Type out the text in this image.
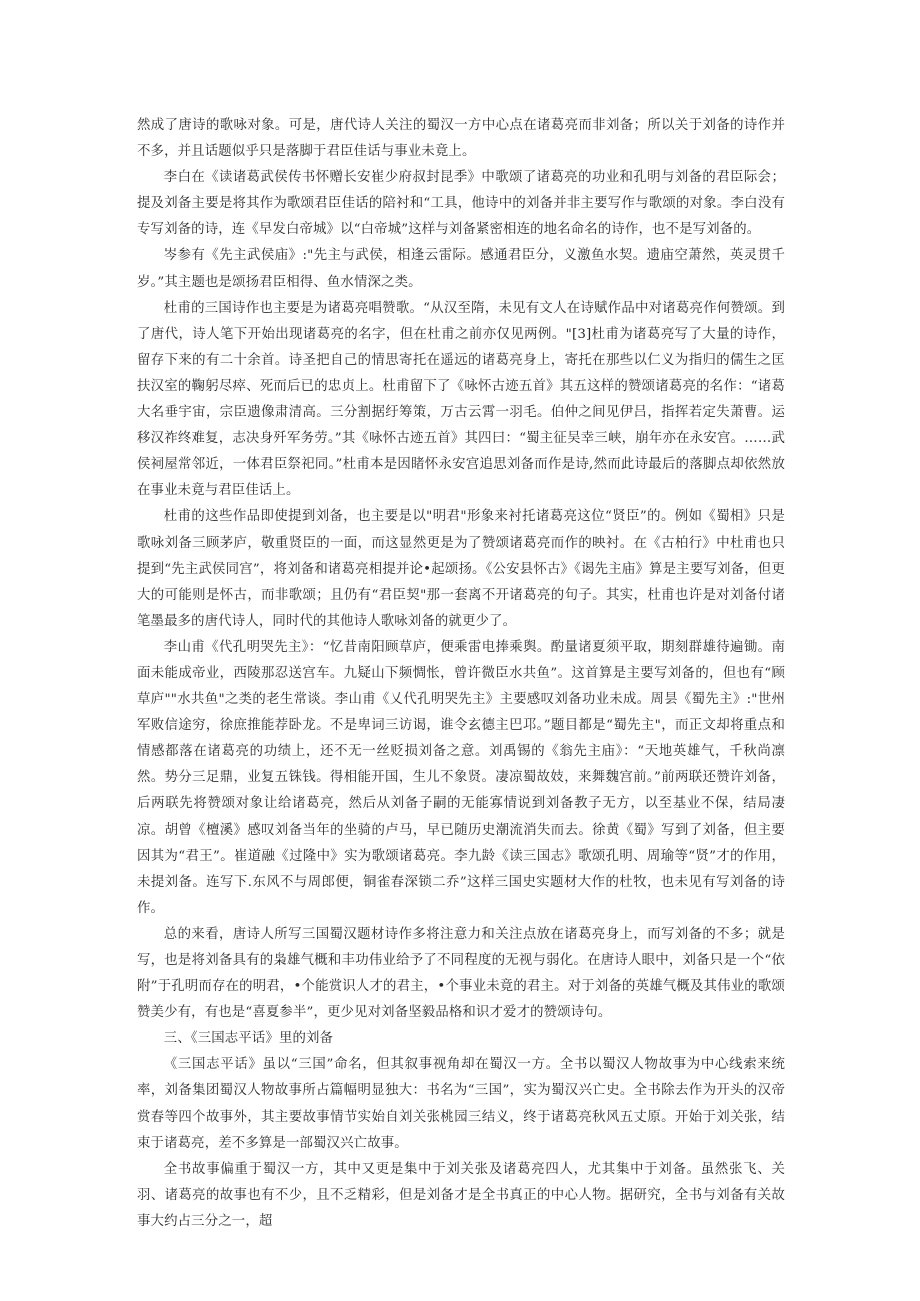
然成了唐诗的歌咏对象。可是，唐代诗人关注的蜀汉一方中心点在诸葛亮而非刘备；所以关于刘备的诗作并不多，并且话题似乎只是落脚于君臣佳话与事业未竟上。

李白在《读诸葛武侯传书怀赠长安崔少府叔封昆季》中歌颂了诸葛亮的功业和孔明与刘备的君臣际会；提及刘备主要是将其作为歌颂君臣佳话的陪衬和“工具，他诗中的刘备并非主要写作与歌颂的对象。李白没有专写刘备的诗，连《早发白帝城》以“白帝城”这样与刘备紧密相连的地名命名的诗作，也不是写刘备的。

岑参有《先主武侯庙》:"先主与武侯，相逢云雷际。感通君臣分，义激鱼水契。遗庙空萧然，英灵贯千岁。”其主题也是颂扬君臣相得、鱼水情深之类。

杜甫的三国诗作也主要是为诸葛亮唱赞歌。“从汉至隋，未见有文人在诗赋作品中对诸葛亮作何赞颂。到了唐代，诗人笔下开始出现诸葛亮的名字，但在杜甫之前亦仅见两例。"[3]杜甫为诸葛亮写了大量的诗作，留存下来的有二十余首。诗圣把自己的情思寄托在遥远的诸葛亮身上，寄托在那些以仁义为指归的儒生之匡扶汉室的鞠躬尽瘁、死而后已的忠贞上。杜甫留下了《咏怀古迹五首》其五这样的赞颂诸葛亮的名作：“诸葛大名垂宇宙，宗臣遗像肃清高。三分割据纡筹策，万古云霄一羽毛。伯仲之间见伊吕，指挥若定失萧曹。运移汉祚终难复，志决身歼军务劳。”其《咏怀古迹五首》其四曰：“蜀主征吴幸三峡，崩年亦在永安宫。……武侯祠屋常邻近，一体君臣祭祀同。”杜甫本是因睹怀永安宫追思刘备而作是诗,然而此诗最后的落脚点却依然放在事业未竟与君臣佳话上。

杜甫的这些作品即使提到刘备，也主要是以"明君"形象来衬托诸葛亮这位“贤臣”的。例如《蜀相》只是歌咏刘备三顾茅庐，敬重贤臣的一面，而这显然更是为了赞颂诸葛亮而作的映衬。在《古柏行》中杜甫也只提到“先主武侯同宫”，将刘备和诸葛亮相提并论•起颂扬。《公安县怀古》《谒先主庙》算是主要写刘备，但更大的可能则是怀古，而非歌颂；且仍有“君臣契"那一套离不开诸葛亮的句子。其实，杜甫也许是对刘备付诸笔墨最多的唐代诗人，同时代的其他诗人歌咏刘备的就更少了。

李山甫《代孔明哭先主》：“忆昔南阳顾草庐，便乘雷电捧乘舆。酌量诸夏须平取，期刻群雄待遍锄。南面未能成帝业，西陵那忍送宫车。九疑山下频惆怅，曾许微臣水共鱼”。这首算是主要写刘备的，但也有“顾草庐""水共鱼"之类的老生常谈。李山甫《乂代孔明哭先主》主要感叹刘备功业未成。周昙《蜀先主》:"世州军败信途穷，徐庶推能荐卧龙。不是卑词三访谒，谁令玄德主巴邛。”题目都是“蜀先主"，而正文却将重点和情感都落在诸葛亮的功绩上，还不无一丝贬损刘备之意。刘禹锡的《翁先主庙》：“天地英雄气，千秋尚凛然。势分三足鼎，业复五铢钱。得相能开国，生儿不象贤。凄凉蜀故妓，来舞魏宫前。”前两联还赞许刘备，后两联先将赞颂对象让给诸葛亮，然后从刘备子嗣的无能寡情说到刘备教子无方，以至基业不保，结局凄凉。胡曾《檀溪》感叹刘备当年的坐骑的卢马，早已随历史潮流消失而去。徐黄《蜀》写到了刘备，但主要因其为“君王”。崔道融《过隆中》实为歌颂诸葛亮。李九龄《读三国志》歌颂孔明、周瑜等“贤”才的作用，未提刘备。连写下.东风不与周郎便，铜雀春深锁二乔”这样三国史实题材大作的杜牧，也未见有写刘备的诗作。

总的来看，唐诗人所写三国蜀汉题材诗作多将注意力和关注点放在诸葛亮身上，而写刘备的不多；就是写，也是将刘备具有的枭雄气概和丰功伟业给予了不同程度的无视与弱化。在唐诗人眼中，刘备只是一个“依附”于孔明而存在的明君，•个能赏识人才的君主，•个事业未竟的君主。对于刘备的英雄气概及其伟业的歌颂赞美少有，有也是“喜夏参半”，更少见对刘备坚毅品格和识才爱才的赞颂诗句。

三、《三国志平话》里的刘备

《三国志平话》虽以“三国”命名，但其叙事视角却在蜀汉一方。全书以蜀汉人物故事为中心线索来统率，刘备集团蜀汉人物故事所占篇幅明显独大：书名为“三国”，实为蜀汉兴亡史。全书除去作为开头的汉帝赏春等四个故事外，其主要故事情节实始自刘关张桃园三结义，终于诸葛亮秋风五丈原。开始于刘关张，结束于诸葛亮，差不多算是一部蜀汉兴亡故事。

全书故事偏重于蜀汉一方，其中又更是集中于刘关张及诸葛亮四人，尤其集中于刘备。虽然张飞、关羽、诸葛亮的故事也有不少，且不乏精彩，但是刘备才是全书真正的中心人物。据研究，全书与刘备有关故事大约占三分之一，超
